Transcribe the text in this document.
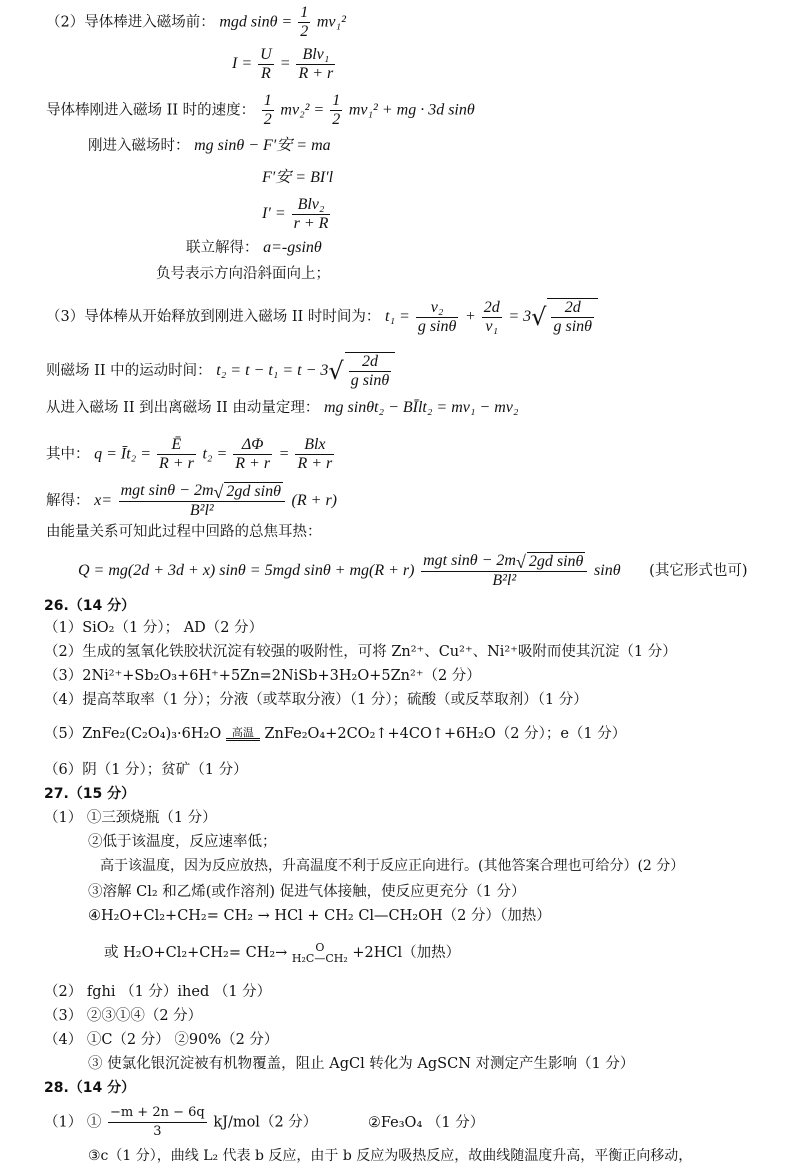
（2）导体棒进入磁场前： mgd $\sin\theta = \frac{1}{2} mv_1^2$
$I = \frac{U}{R} = \frac{\text{Blv₁}}{R + r}$
导体棒刚进入磁场 II 时的速度： $\frac{1}{2} mv_2^2 = \frac{1}{2} mv_1^2$ + mg · 3d sinθ
刚进入磁场时： mg sinθ − F′安 = ma
F′安 = BI′l
$I' = \frac{\text{Blv₂}}{r + R}$
联立解得： a=-gsinθ
负号表示方向沿斜面向上；
（3）导体棒从开始释放到刚进入磁场 II 时时间为： $t_1 = \frac{\text{v₂}}{\text{g sinθ}} + \frac{2d}{\text{v₁}} = 3√ \frac{2d}{\text{g sinθ}}$
则磁场 II 中的运动时间： $t_2 = t - t_1 = t - 3√ \frac{2d}{\text{g sinθ}}$
从进入磁场 II 到出离磁场 II 由动量定理： mg sinθt₂ − BĪlt₂ = mv₁ − mv₂
其中： q = Īt₂ = $\frac{Ē}{R + r} t_2 = \frac{\Delta\Phi}{R + r} = \frac{\text{Blx}}{R + r}$
解得： $x= \frac{\text{mgt sinθ − 2m√ 2gd sinθ}}{\text{B²l²}} (R + r)$
由能量关系可知此过程中回路的总焦耳热：
Q = mg(2d + 3d + x) sinθ = 5mgd $\sin\theta + mg(R + r) \frac{\text{mgt sinθ − 2m√ 2gd sinθ}}{\text{B²l²}}$ sinθ (其它形式也可)
26.（14 分）
（1）SiO₂（1 分）； AD（2 分）
（2）生成的氢氧化铁胶状沉淀有较强的吸附性，可将 Zn²⁺、Cu²⁺、Ni²⁺吸附而使其沉淀（1 分）
（3）2Ni²⁺+Sb₂O₃+6H⁺+5Zn=2NiSb+3H₂O+5Zn²⁺（2 分）
（4）提高萃取率（1 分）；分液（或萃取分液）（1 分）；硫酸（或反萃取剂）（1 分）
（5）ZnFe₂(C₂O₄)₃·6H₂O 高温 ZnFe₂O₄+2CO₂↑+4CO↑+6H₂O（2 分）；e（1 分）
（6）阴（1 分）；贫矿（1 分）
27.（15 分）
（1） ①三颈烧瓶（1 分）
②低于该温度，反应速率低；
高于该温度，因为反应放热，升高温度不利于反应正向进行。(其他答案合理也可给分）(2 分）
③溶解 Cl₂ 和乙烯(或作溶剂) 促进气体接触，使反应更充分（1 分）
④H₂O+Cl₂+CH₂= CH₂ → HCl + CH₂ Cl—CH₂OH（2 分）（加热）
或 H₂O+Cl₂+CH₂= CH₂→	O
H₂C—CH₂ +2HCl（加热）
（2） fghi （1 分）ihed （1 分）
（3） ②③①④（2 分）
（4） ①C（2 分） ②90%（2 分）
③ 使氯化银沉淀被有机物覆盖，阻止 AgCl 转化为 AgSCN 对测定产生影响（1 分）
28.（14 分）
（1） ① $\frac{-m + 2n - 6q}{3} kJ/mol(2$ 分）	②Fe₃O₄ （1 分）
③c（1 分），曲线 L₂ 代表 b 反应，由于 b 反应为吸热反应，故曲线随温度升高，平衡正向移动，
